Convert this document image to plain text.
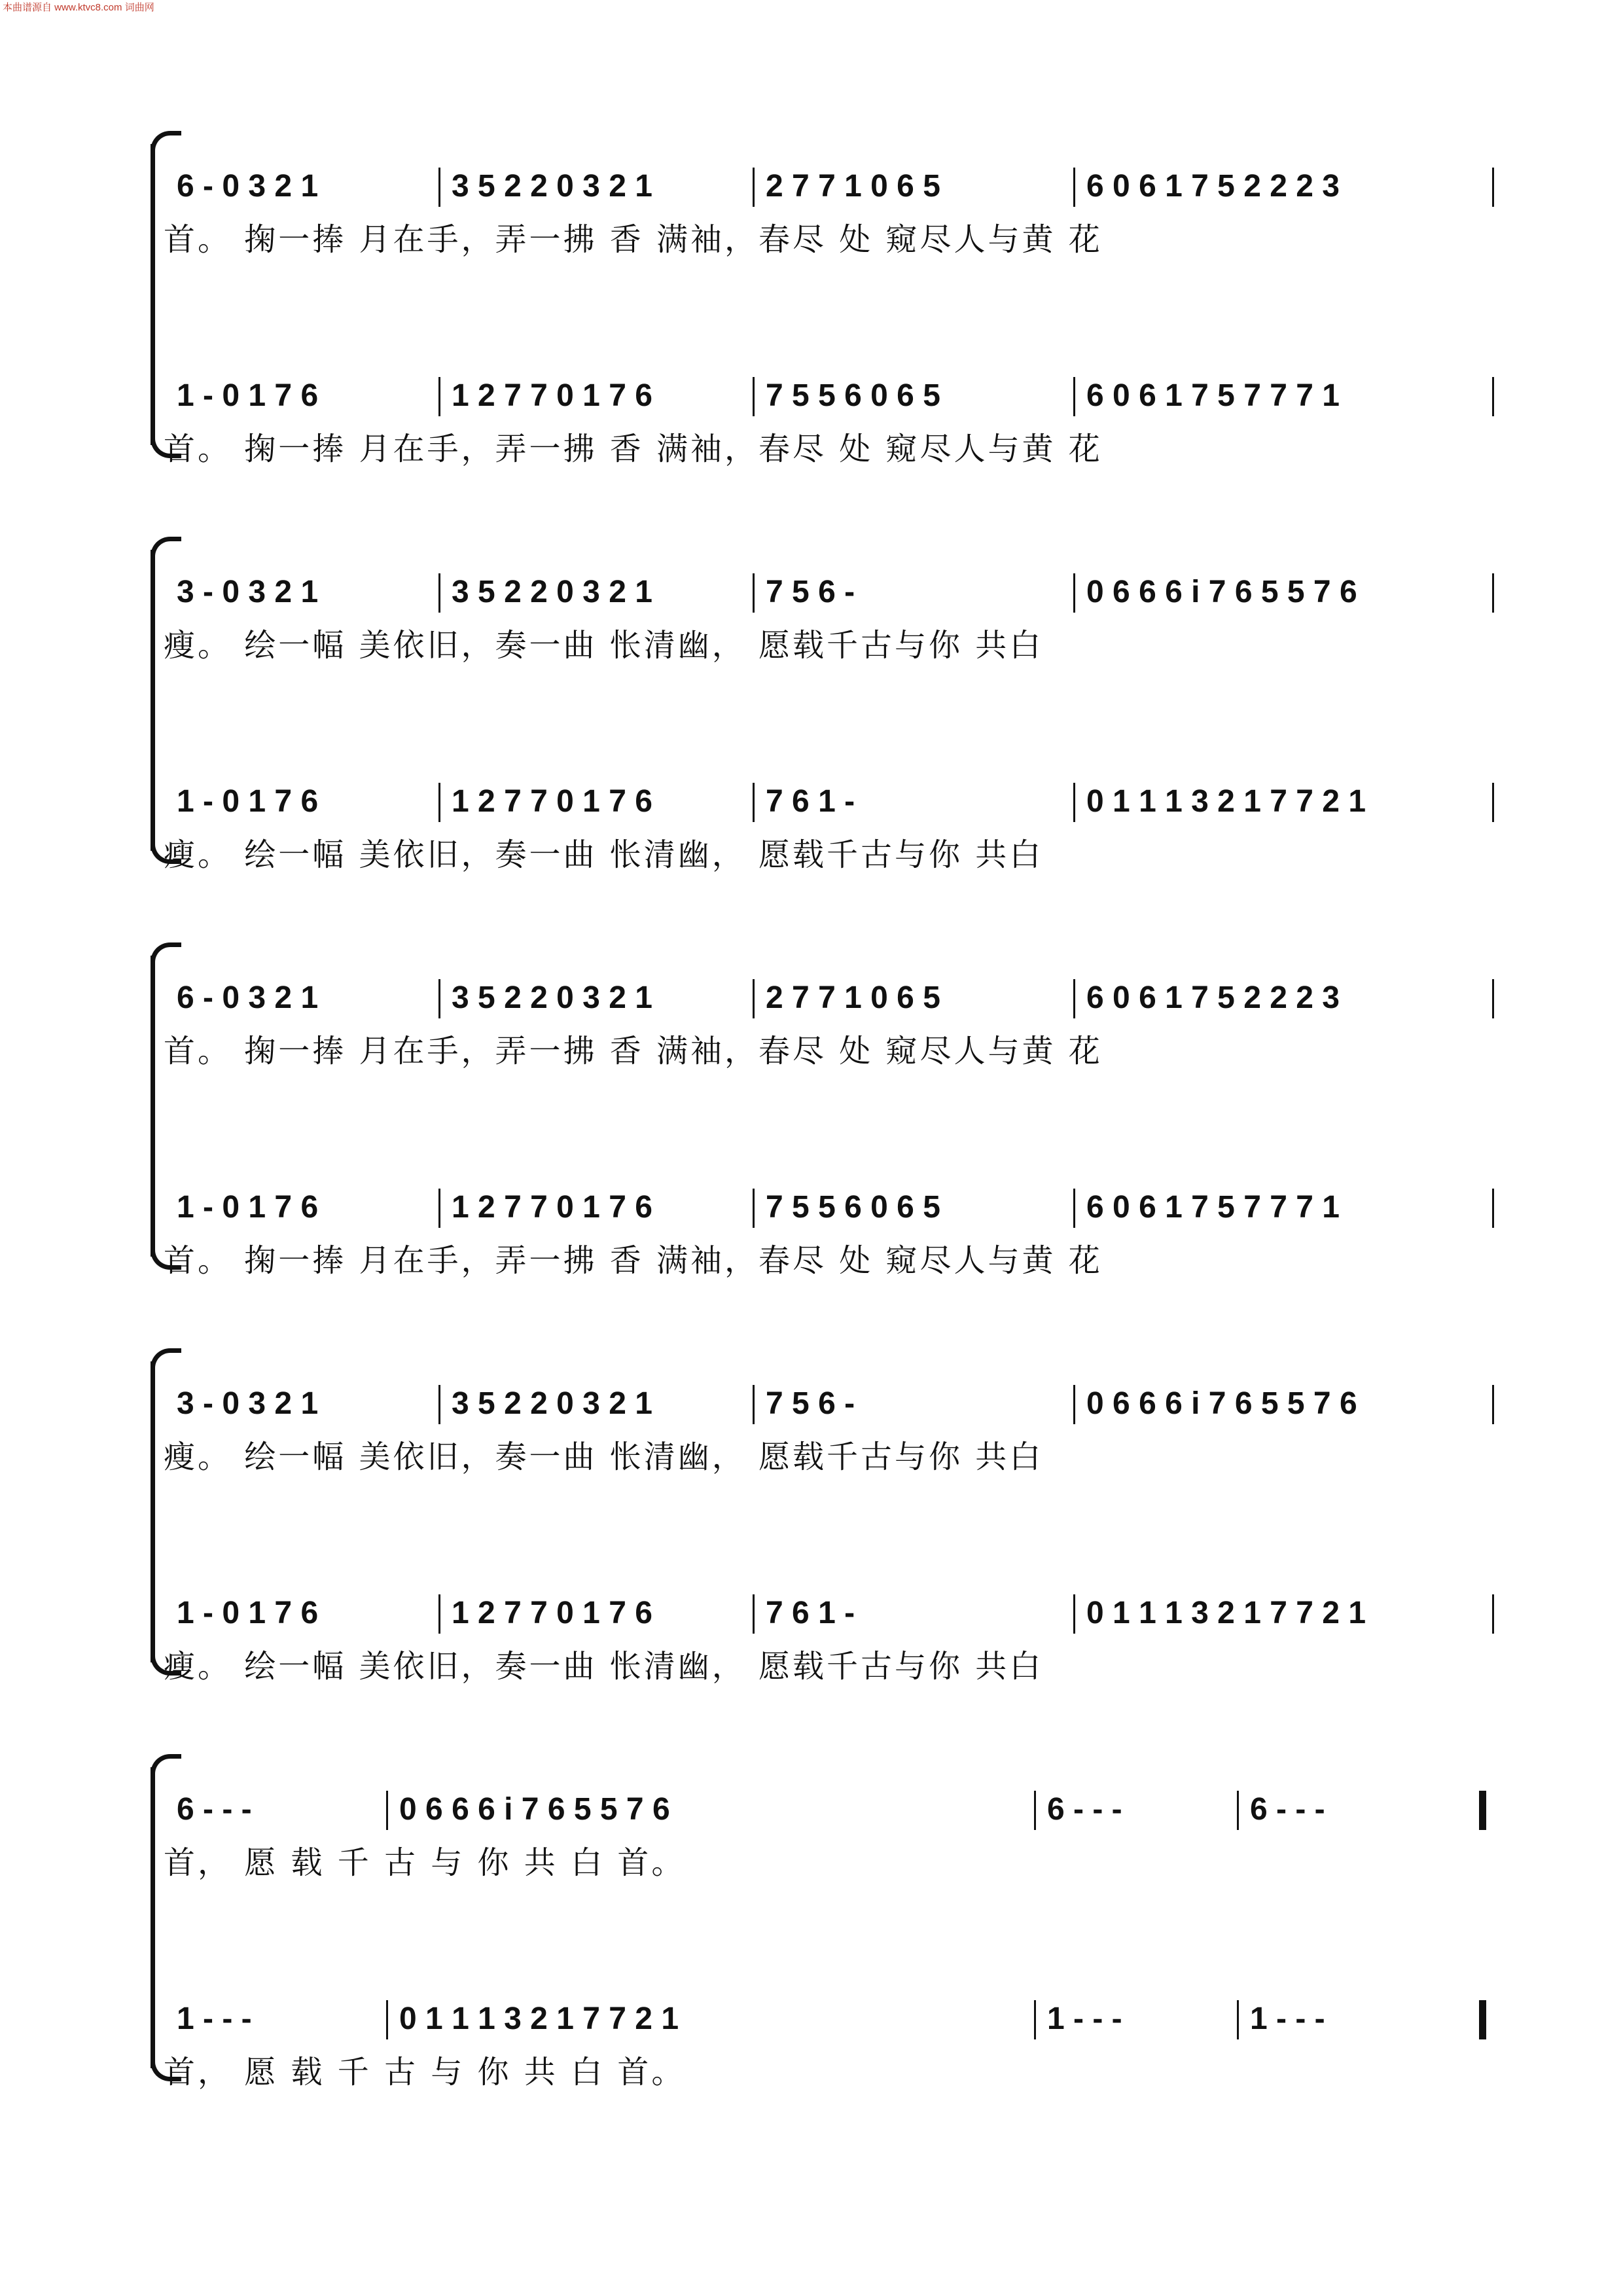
本曲谱源自 www.ktvc8.com 词曲网
6 - 0 3 2 1	3 5 2 2 0 3 2 1	2 7 7 1 0 6 5	6 0 6 1 7 5 2 2 2 3
首。 掬一捧 月在手，弄一拂 香 满袖，春尽 处 窥尽人与黄 花
1 - 0 1 7 6	1 2 7 7 0 1 7 6	7 5 5 6 0 6 5	6 0 6 1 7 5 7 7 7 1
首。 掬一捧 月在手，弄一拂 香 满袖，春尽 处 窥尽人与黄 花
3 - 0 3 2 1	3 5 2 2 0 3 2 1	7 5 6 -	0 6 6 6 i 7 6 5 5 7 6
瘦。 绘一幅 美依旧，奏一曲 怅清幽， 愿载千古与你 共白
1 - 0 1 7 6	1 2 7 7 0 1 7 6	7 6 1 -	0 1 1 1 3 2 1 7 7 2 1
瘦。 绘一幅 美依旧，奏一曲 怅清幽， 愿载千古与你 共白
6 - 0 3 2 1	3 5 2 2 0 3 2 1	2 7 7 1 0 6 5	6 0 6 1 7 5 2 2 2 3
首。 掬一捧 月在手，弄一拂 香 满袖，春尽 处 窥尽人与黄 花
1 - 0 1 7 6	1 2 7 7 0 1 7 6	7 5 5 6 0 6 5	6 0 6 1 7 5 7 7 7 1
首。 掬一捧 月在手，弄一拂 香 满袖，春尽 处 窥尽人与黄 花
3 - 0 3 2 1	3 5 2 2 0 3 2 1	7 5 6 -	0 6 6 6 i 7 6 5 5 7 6
瘦。 绘一幅 美依旧，奏一曲 怅清幽， 愿载千古与你 共白
1 - 0 1 7 6	1 2 7 7 0 1 7 6	7 6 1 -	0 1 1 1 3 2 1 7 7 2 1
瘦。 绘一幅 美依旧，奏一曲 怅清幽， 愿载千古与你 共白
6 - - -	0 6 6 6 i 7 6 5 5 7 6	6 - - -	6 - - -
首， 愿 载 千 古 与 你 共 白 首。
1 - - -	0 1 1 1 3 2 1 7 7 2 1	1 - - -	1 - - -
首， 愿 载 千 古 与 你 共 白 首。
